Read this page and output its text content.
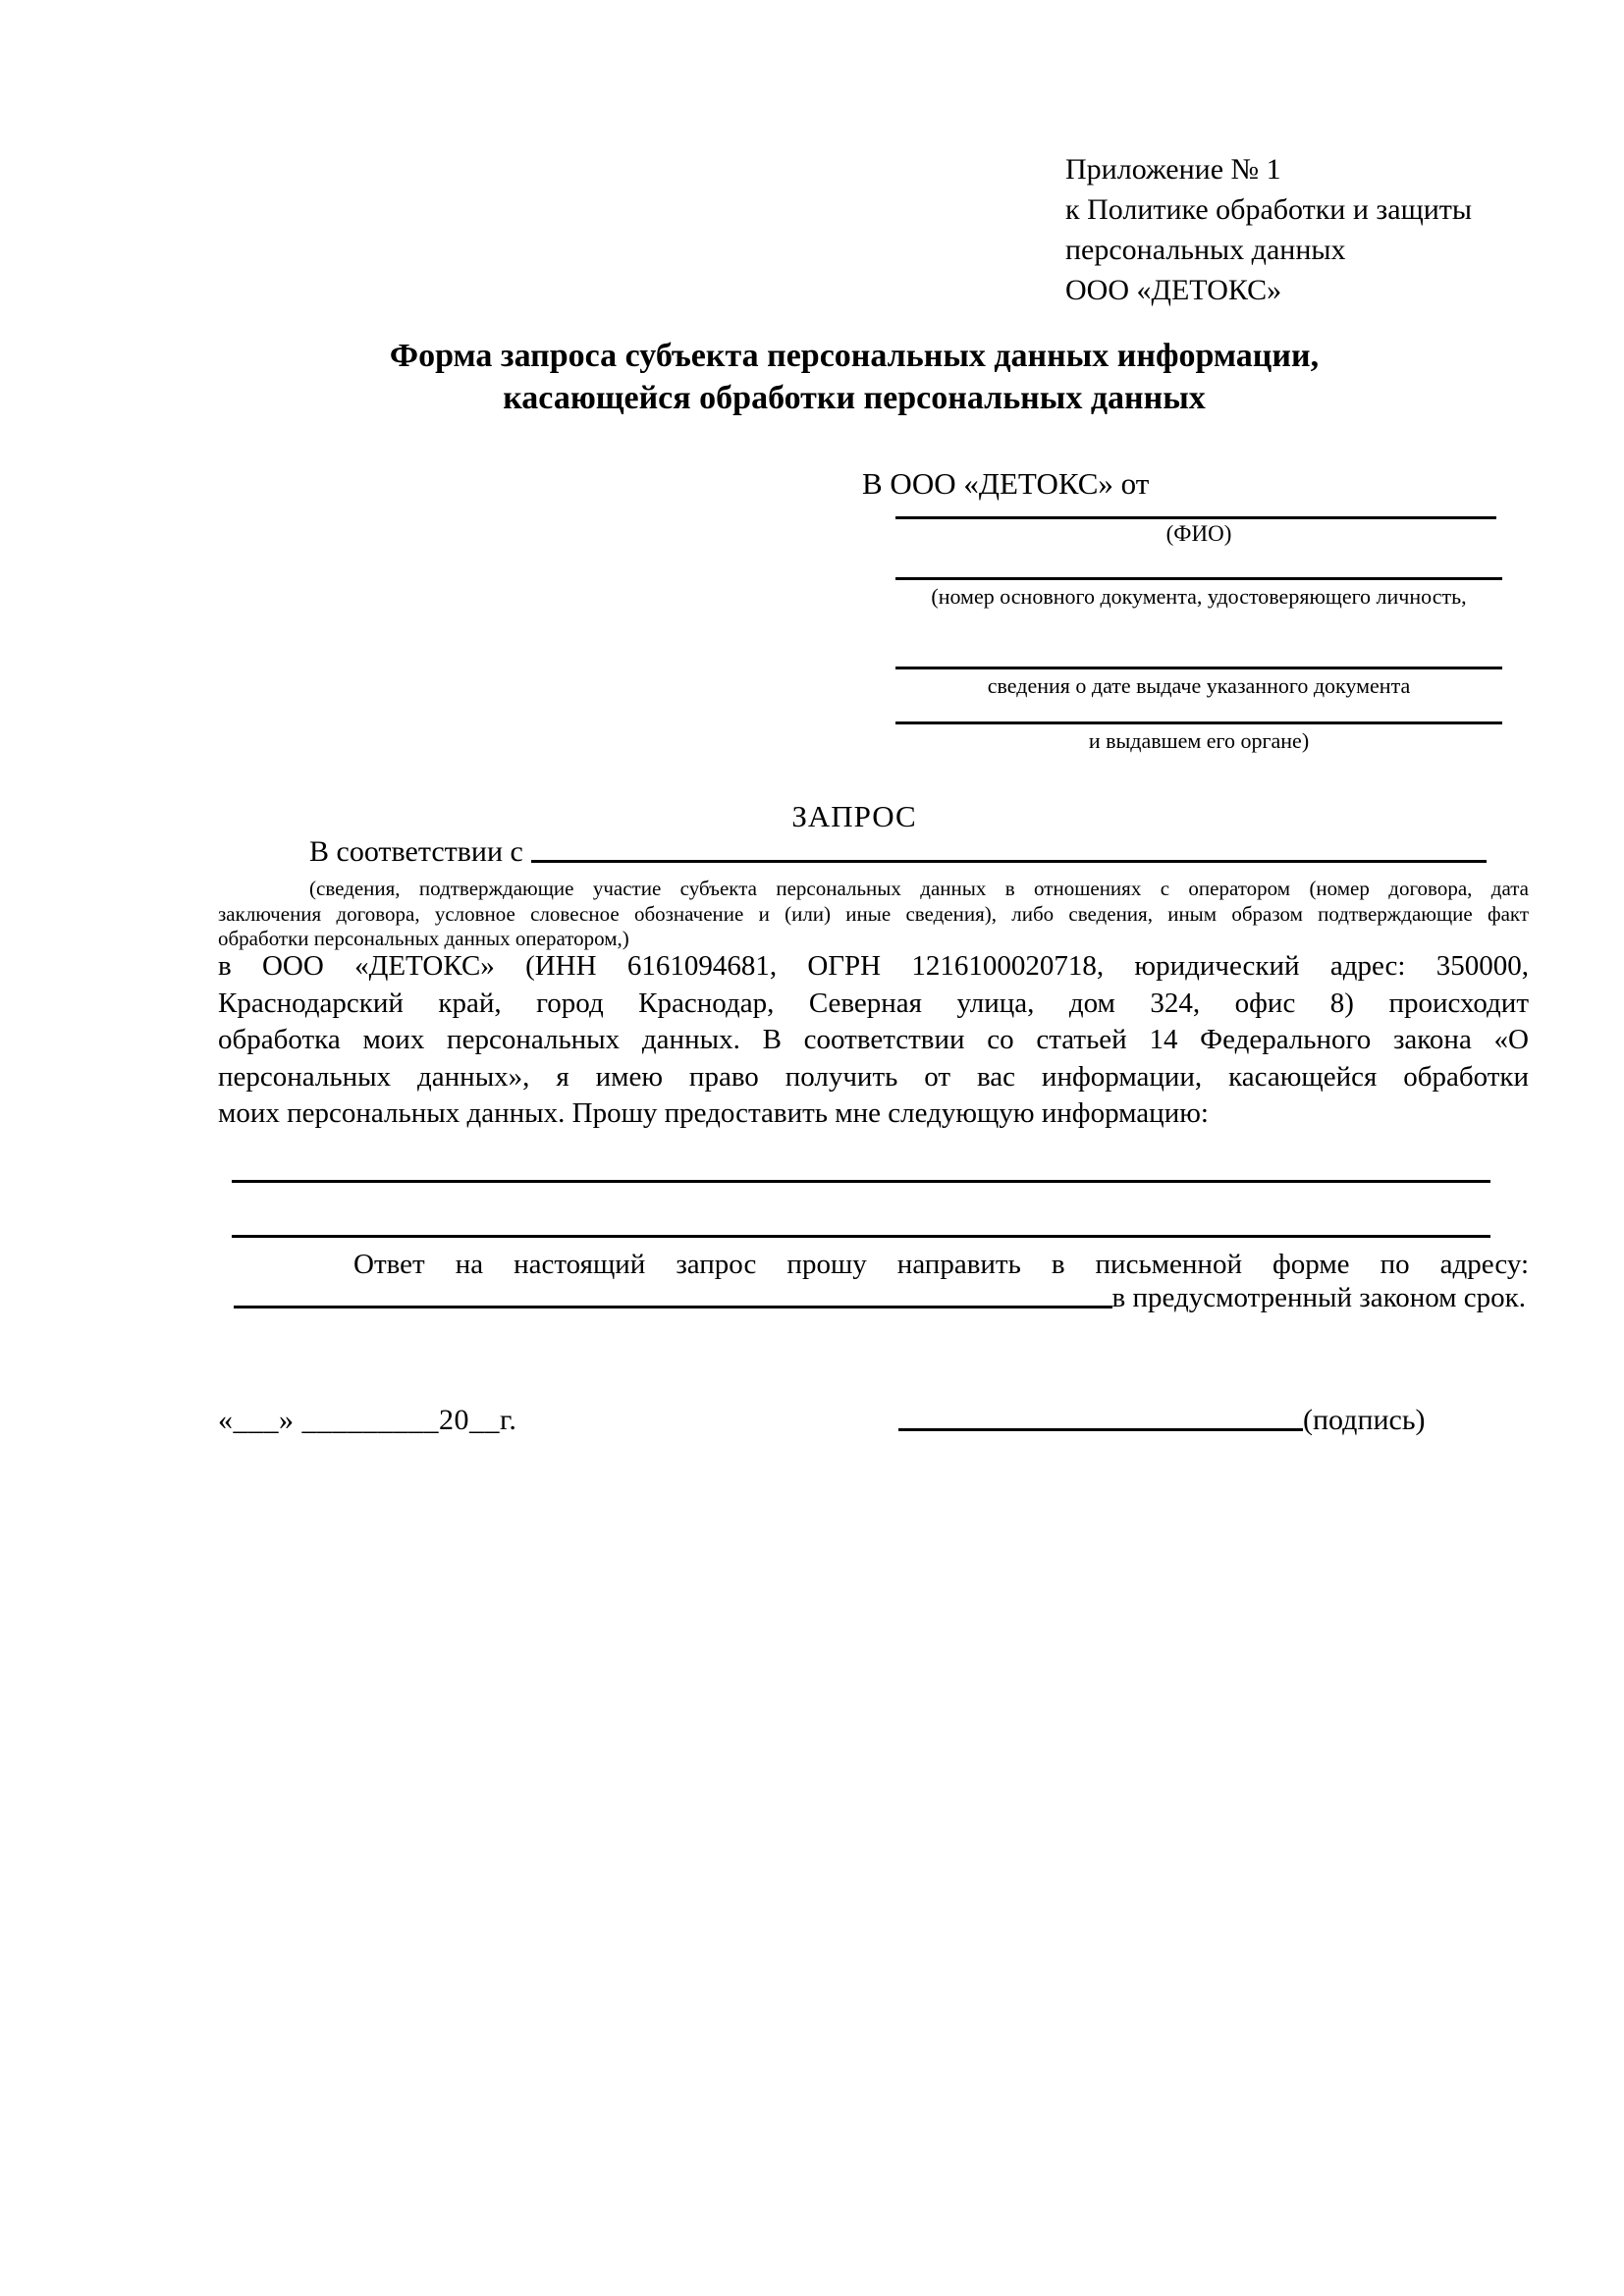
Приложение № 1
к Политике обработки и защиты
персональных данных
ООО «ДЕТОКС»
Форма запроса субъекта персональных данных информации,
касающейся обработки персональных данных
В ООО «ДЕТОКС» от
(ФИО)
(номер основного документа, удостоверяющего личность,
сведения о дате выдаче указанного документа
и выдавшем его органе)
ЗАПРОС
В соответствии с
(сведения, подтверждающие участие субъекта персональных данных в отношениях с оператором (номер договора, дата
заключения договора, условное словесное обозначение и (или) иные сведения), либо сведения, иным образом подтверждающие факт
обработки персональных данных оператором,)
в ООО «ДЕТОКС» (ИНН 6161094681, ОГРН 1216100020718, юридический адрес: 350000,
Краснодарский край, город Краснодар, Северная улица, дом 324, офис 8) происходит
обработка моих персональных данных. В соответствии со статьей 14 Федерального закона «О
персональных данных», я имею право получить от вас информации, касающейся обработки
моих персональных данных. Прошу предоставить мне следующую информацию:
Ответ на настоящий запрос прошу направить в письменной форме по адресу:
в предусмотренный законом срок.
«___» _________20__г.	(подпись)
